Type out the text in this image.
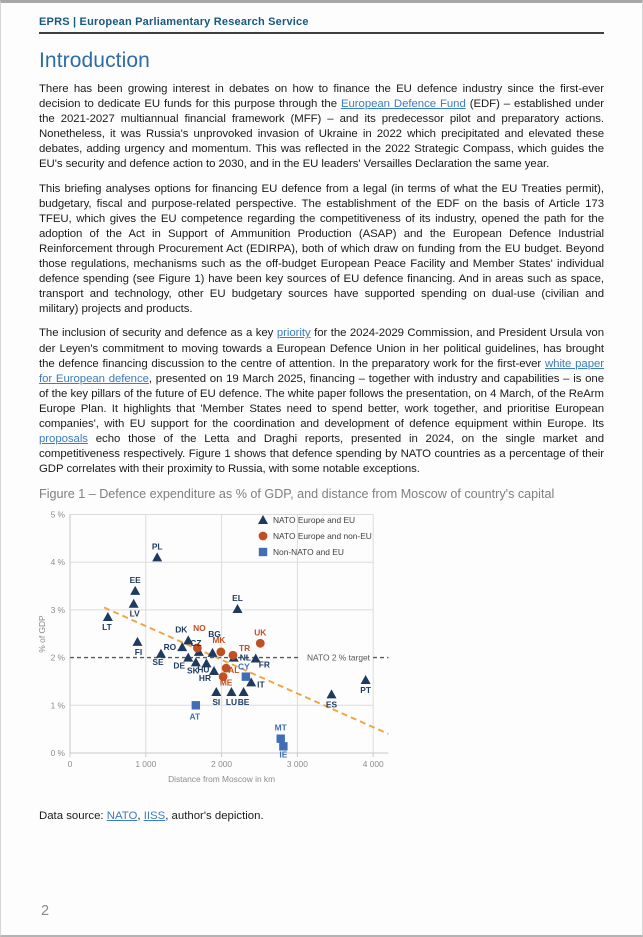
EPRS | European Parliamentary Research Service
Introduction

There has been growing interest in debates on how to finance the EU defence industry since the first-ever decision to dedicate EU funds for this purpose through the European Defence Fund (EDF) – established under the 2021-2027 multiannual financial framework (MFF) – and its predecessor pilot and preparatory actions. Nonetheless, it was Russia's unprovoked invasion of Ukraine in 2022 which precipitated and elevated these debates, adding urgency and momentum. This was reflected in the 2022 Strategic Compass, which guides the EU's security and defence action to 2030, and in the EU leaders' Versailles Declaration the same year.

This briefing analyses options for financing EU defence from a legal (in terms of what the EU Treaties permit), budgetary, fiscal and purpose-related perspective. The establishment of the EDF on the basis of Article 173 TFEU, which gives the EU competence regarding the competitiveness of its industry, opened the path for the adoption of the Act in Support of Ammunition Production (ASAP) and the European Defence Industrial Reinforcement through Procurement Act (EDIRPA), both of which draw on funding from the EU budget. Beyond those regulations, mechanisms such as the off-budget European Peace Facility and Member States' individual defence spending (see Figure 1) have been key sources of EU defence financing. And in areas such as space, transport and technology, other EU budgetary sources have supported spending on dual-use (civilian and military) projects and products.

The inclusion of security and defence as a key priority for the 2024-2029 Commission, and President Ursula von der Leyen's commitment to moving towards a European Defence Union in her political guidelines, has brought the defence financing discussion to the centre of attention. In the preparatory work for the first-ever white paper for European defence, presented on 19 March 2025, financing – together with industry and capabilities – is one of the key pillars of the future of EU defence. The white paper follows the presentation, on 4 March, of the ReArm Europe Plan. It highlights that 'Member States need to spend better, work together, and prioritise European companies', with EU support for the coordination and development of defence equipment within Europe. Its proposals echo those of the Letta and Draghi reports, presented in 2024, on the single market and competitiveness respectively. Figure 1 shows that defence spending by NATO countries as a percentage of their GDP correlates with their proximity to Russia, with some notable exceptions.

Figure 1 – Defence expenditure as % of GDP, and distance from Moscow of country's capital
0 %
1 %
2 %
3 %
4 %
5 %
0	1 000	2 000	3 000	4 000
% of GDP
Distance from Moscow in km
NATO 2 % target
PL
EE
LV
LT
FI
EL
DK
RO
SE DE
CZ
BG
SK
HU
NL
FR
HR
IT
SI LU BE	ES
PT
NO
MK
TR
AL
ME
UK
AT
CY
MT
IE
NATO Europe and EU
NATO Europe and non-EU
Non-NATO and EU
Data source: NATO, IISS, author's depiction.
2
